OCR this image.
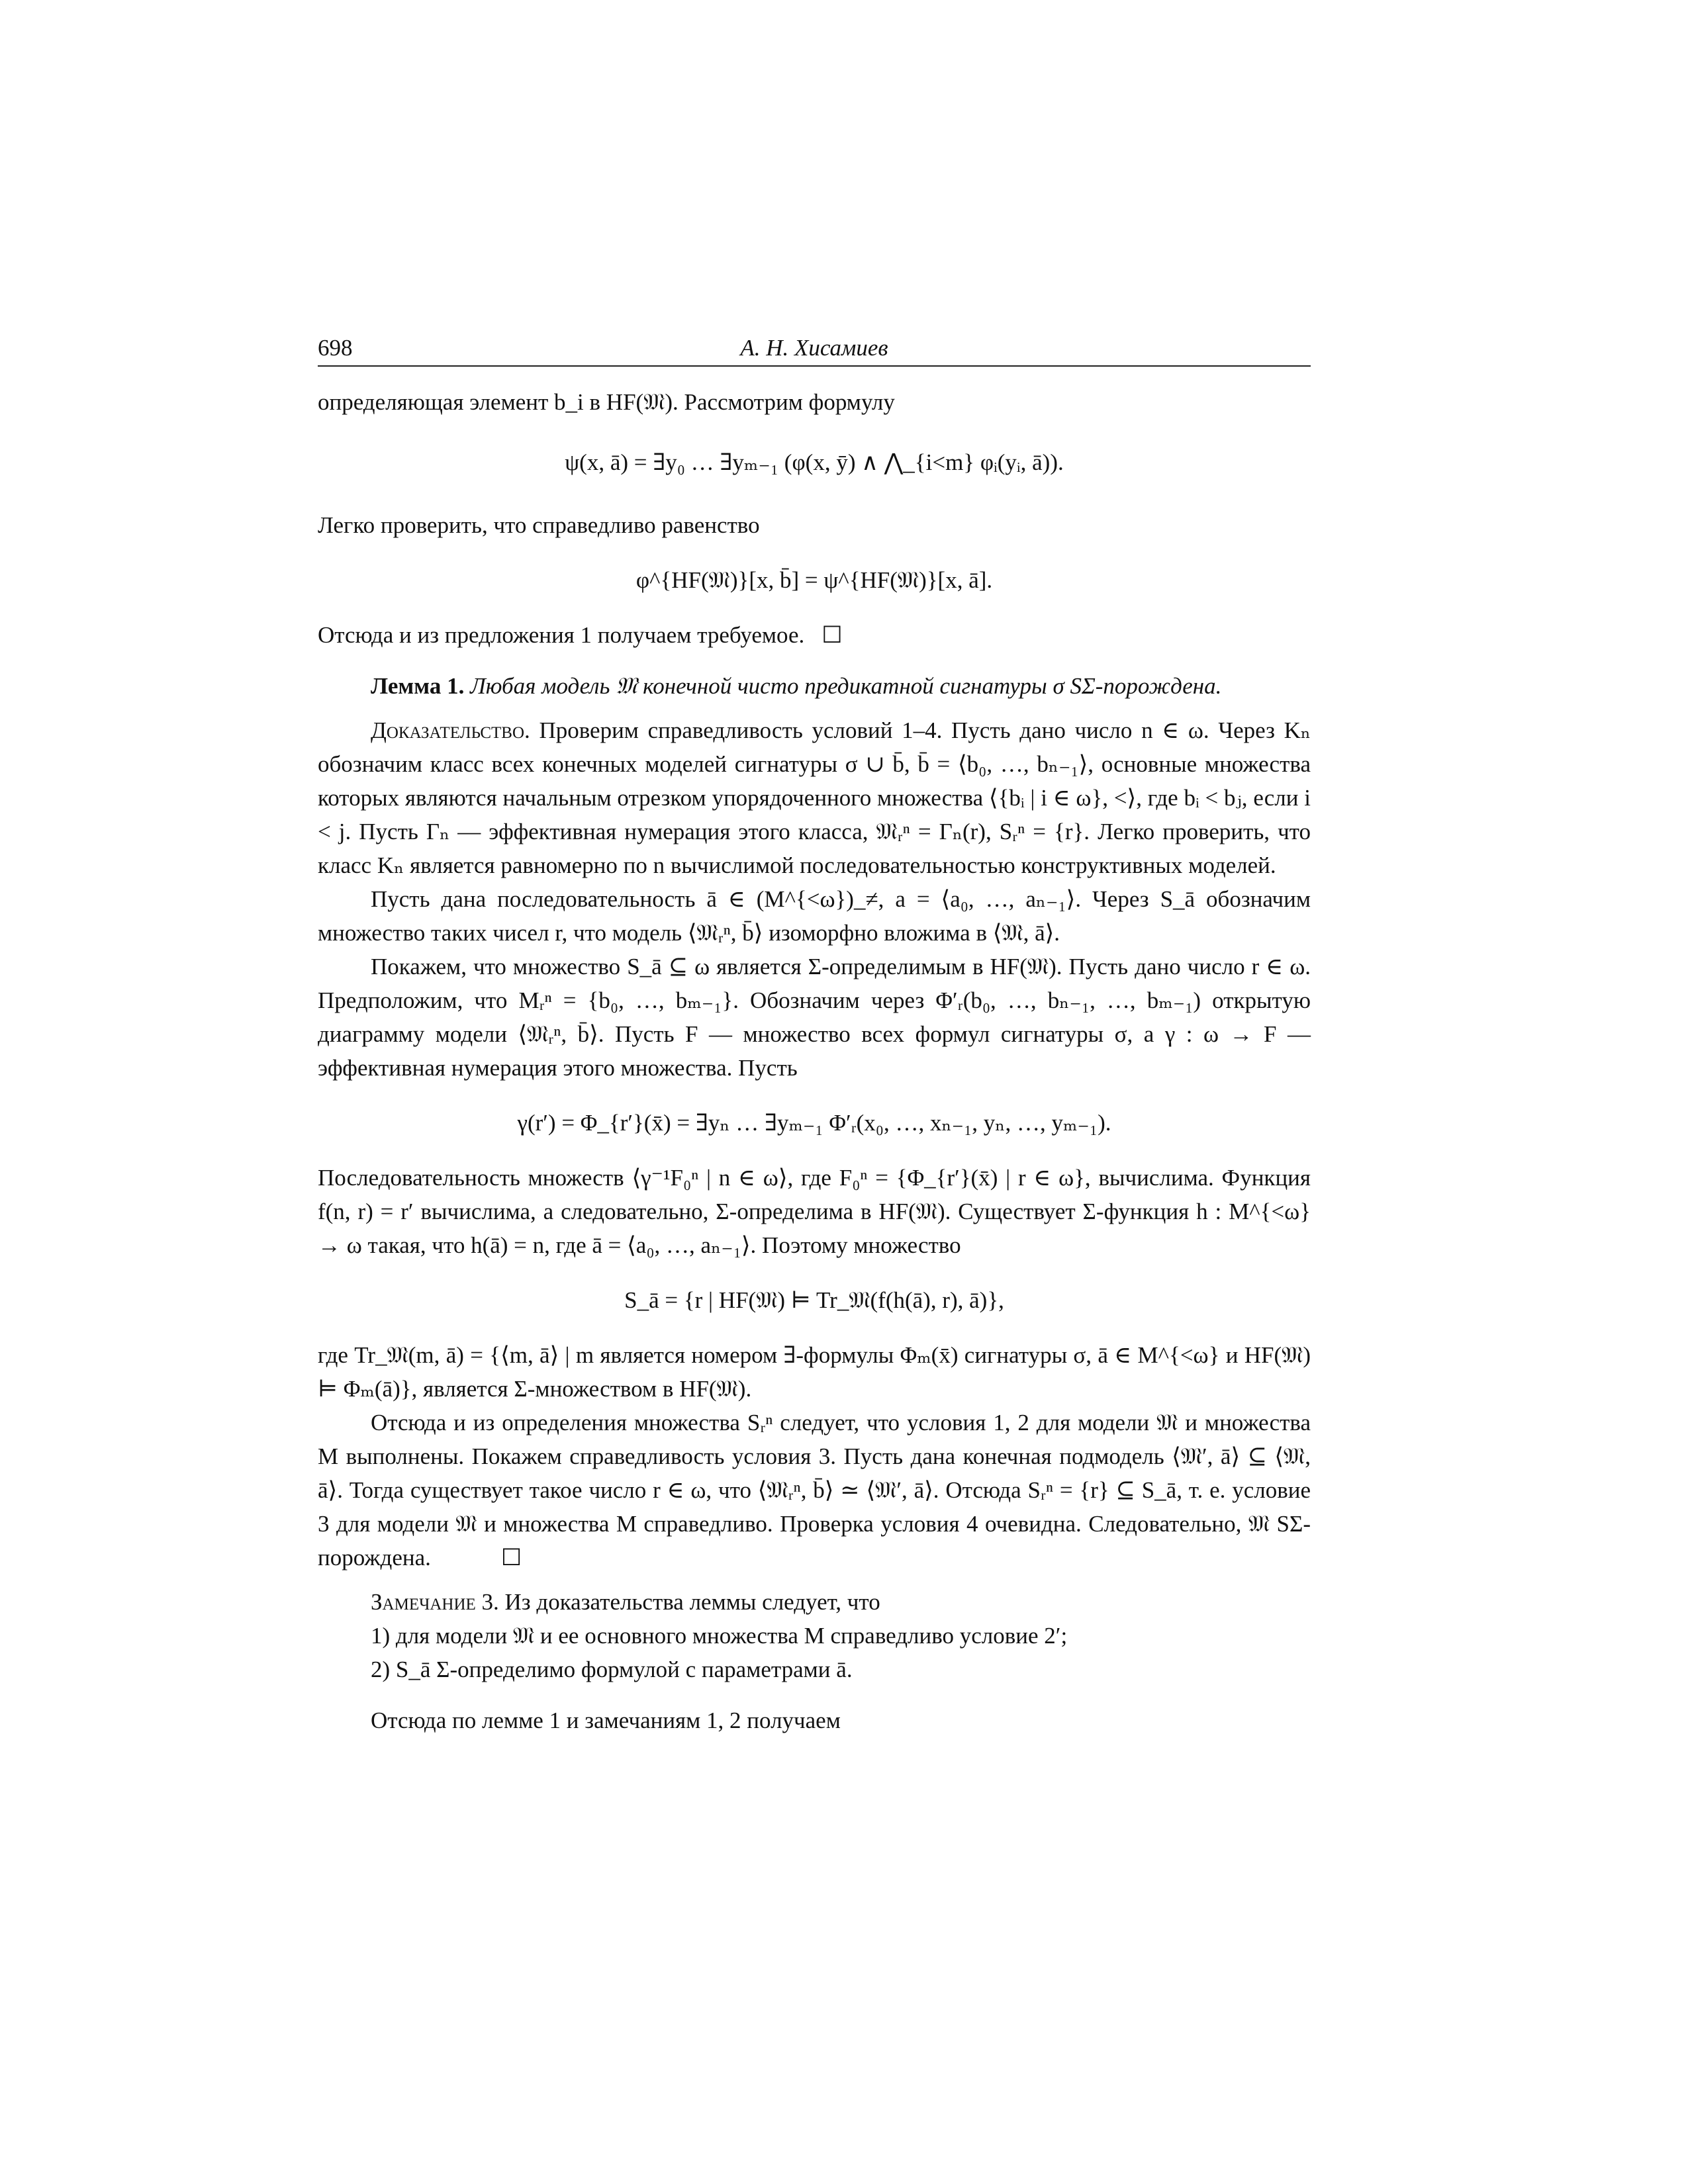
698	А. Н. Хисамиев

определяющая элемент b_i в HF(𝔐). Рассмотрим формулу

ψ(x, ā) = ∃y₀ … ∃yₘ₋₁ (φ(x, ȳ) ∧ ⋀_{i<m} φᵢ(yᵢ, ā)).

Легко проверить, что справедливо равенство

φ^{HF(𝔐)}[x, b̄] = ψ^{HF(𝔐)}[x, ā].

Отсюда и из предложения 1 получаем требуемое. ☐

Лемма 1. Любая модель 𝔐 конечной чисто предикатной сигнатуры σ SΣ-порождена.

Доказательство. Проверим справедливость условий 1–4. Пусть дано число n ∈ ω. Через Kₙ обозначим класс всех конечных моделей сигнатуры σ ∪ b̄, b̄ = ⟨b₀, …, bₙ₋₁⟩, основные множества которых являются начальным отрезком упорядоченного множества ⟨{bᵢ | i ∈ ω}, <⟩, где bᵢ < bⱼ, если i < j. Пусть Γₙ — эффективная нумерация этого класса, 𝔐ᵣⁿ = Γₙ(r), Sᵣⁿ = {r}. Легко проверить, что класс Kₙ является равномерно по n вычислимой последовательностью конструктивных моделей.

Пусть дана последовательность ā ∈ (M^{<ω})_≠, a = ⟨a₀, …, aₙ₋₁⟩. Через S_ā обозначим множество таких чисел r, что модель ⟨𝔐ᵣⁿ, b̄⟩ изоморфно вложима в ⟨𝔐, ā⟩.

Покажем, что множество S_ā ⊆ ω является Σ-определимым в HF(𝔐). Пусть дано число r ∈ ω. Предположим, что Mᵣⁿ = {b₀, …, bₘ₋₁}. Обозначим через Φ′ᵣ(b₀, …, bₙ₋₁, …, bₘ₋₁) открытую диаграмму модели ⟨𝔐ᵣⁿ, b̄⟩. Пусть F — множество всех формул сигнатуры σ, а γ : ω → F — эффективная нумерация этого множества. Пусть

γ(r′) = Φ_{r′}(x̄) = ∃yₙ … ∃yₘ₋₁ Φ′ᵣ(x₀, …, xₙ₋₁, yₙ, …, yₘ₋₁).

Последовательность множеств ⟨γ⁻¹F₀ⁿ | n ∈ ω⟩, где F₀ⁿ = {Φ_{r′}(x̄) | r ∈ ω}, вычислима. Функция f(n, r) = r′ вычислима, а следовательно, Σ-определима в HF(𝔐). Существует Σ-функция h : M^{<ω} → ω такая, что h(ā) = n, где ā = ⟨a₀, …, aₙ₋₁⟩. Поэтому множество

S_ā = {r | HF(𝔐) ⊨ Tr_𝔐(f(h(ā), r), ā)},

где Tr_𝔐(m, ā) = {⟨m, ā⟩ | m является номером ∃-формулы Φₘ(x̄) сигнатуры σ, ā ∈ M^{<ω} и HF(𝔐) ⊨ Φₘ(ā)}, является Σ-множеством в HF(𝔐).

Отсюда и из определения множества Sᵣⁿ следует, что условия 1, 2 для модели 𝔐 и множества M выполнены. Покажем справедливость условия 3. Пусть дана конечная подмодель ⟨𝔐′, ā⟩ ⊆ ⟨𝔐, ā⟩. Тогда существует такое число r ∈ ω, что ⟨𝔐ᵣⁿ, b̄⟩ ≃ ⟨𝔐′, ā⟩. Отсюда Sᵣⁿ = {r} ⊆ S_ā, т. е. условие 3 для модели 𝔐 и множества M справедливо. Проверка условия 4 очевидна. Следовательно, 𝔐 SΣ-порождена.	☐

Замечание 3. Из доказательства леммы следует, что

1) для модели 𝔐 и ее основного множества M справедливо условие 2′;

2) S_ā Σ-определимо формулой с параметрами ā.

Отсюда по лемме 1 и замечаниям 1, 2 получаем
